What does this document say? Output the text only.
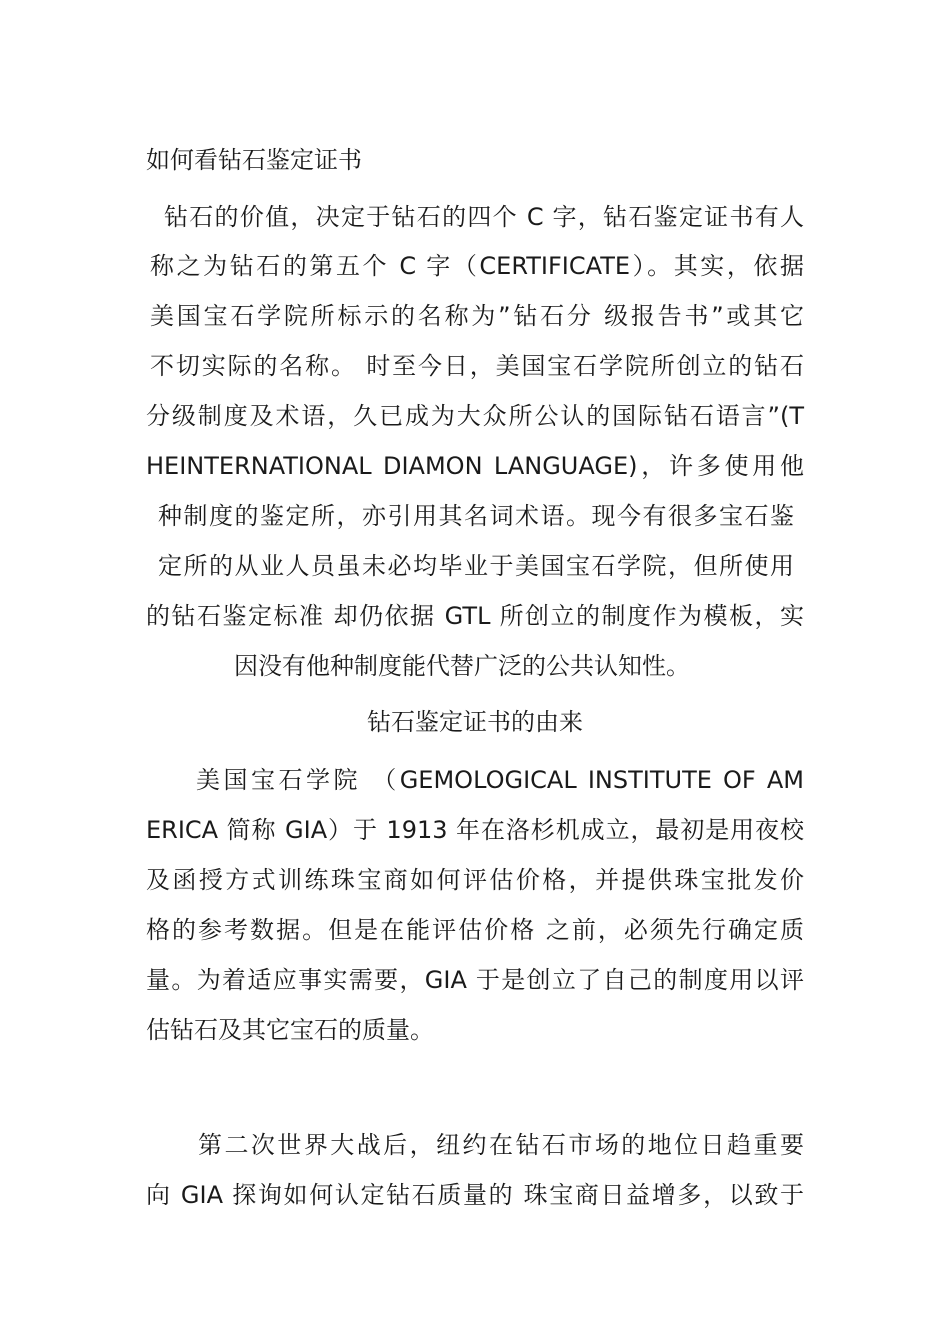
如何看钻石鉴定证书
钻石的价值，决定于钻石的四个 C 字，钻石鉴定证书有人
称之为钻石的第五个 C 字（CERTIFICATE）。其实，依据
美国宝石学院所标示的名称为”钻石分 级报告书”或其它
不切实际的名称。 时至今日，美国宝石学院所创立的钻石
分级制度及术语，久已成为大众所公认的国际钻石语言”(T
HEINTERNATIONAL DIAMON LANGUAGE)，许多使用他
种制度的鉴定所，亦引用其名词术语。现今有很多宝石鉴
定所的从业人员虽未必均毕业于美国宝石学院，但所使用
的钻石鉴定标准 却仍依据 GTL 所创立的制度作为模板，实
因没有他种制度能代替广泛的公共认知性。
钻石鉴定证书的由来
美国宝石学院 （GEMOLOGICAL INSTITUTE OF AM
ERICA 简称 GIA）于 1913 年在洛杉机成立，最初是用夜校
及函授方式训练珠宝商如何评估价格，并提供珠宝批发价
格的参考数据。但是在能评估价格 之前，必须先行确定质
量。为着适应事实需要，GIA 于是创立了自己的制度用以评
估钻石及其它宝石的质量。
第二次世界大战后，纽约在钻石市场的地位日趋重要
向 GIA 探询如何认定钻石质量的 珠宝商日益增多，以致于
